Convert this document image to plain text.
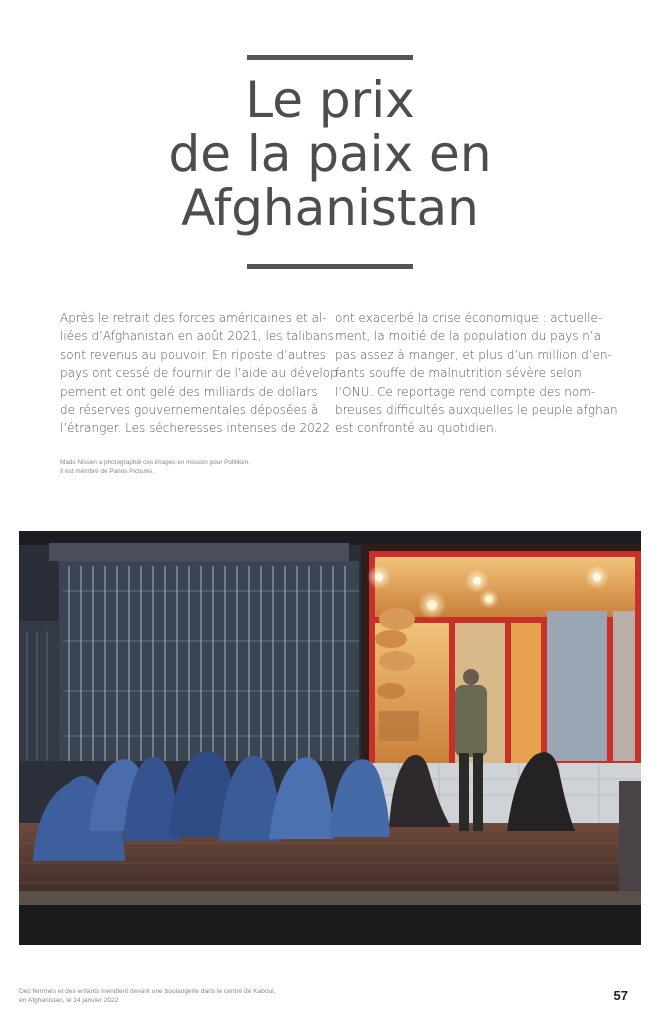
Le prix
de la paix en
Afghanistan
Après le retrait des forces américaines et al-
liées d’Afghanistan en août 2021, les talibans
sont revenus au pouvoir. En riposte d’autres
pays ont cessé de fournir de l’aide au dévelop-
pement et ont gelé des milliards de dollars
de réserves gouvernementales déposées à
l’étranger. Les sécheresses intenses de 2022
ont exacerbé la crise économique : actuelle-
ment, la moitié de la population du pays n’a
pas assez à manger, et plus d’un million d’en-
fants souffe de malnutrition sévère selon
l’ONU. Ce reportage rend compte des nom-
breuses difficultés auxquelles le peuple afghan
est confronté au quotidien.
Mads Nissen a photographié ces images en mission pour Politiken.
Il est membre de Panos Pictures.
Des femmes et des enfants mendient devant une boulangerie dans le centre de Kaboul,
en Afghanistan, le 14 janvier 2022	57
